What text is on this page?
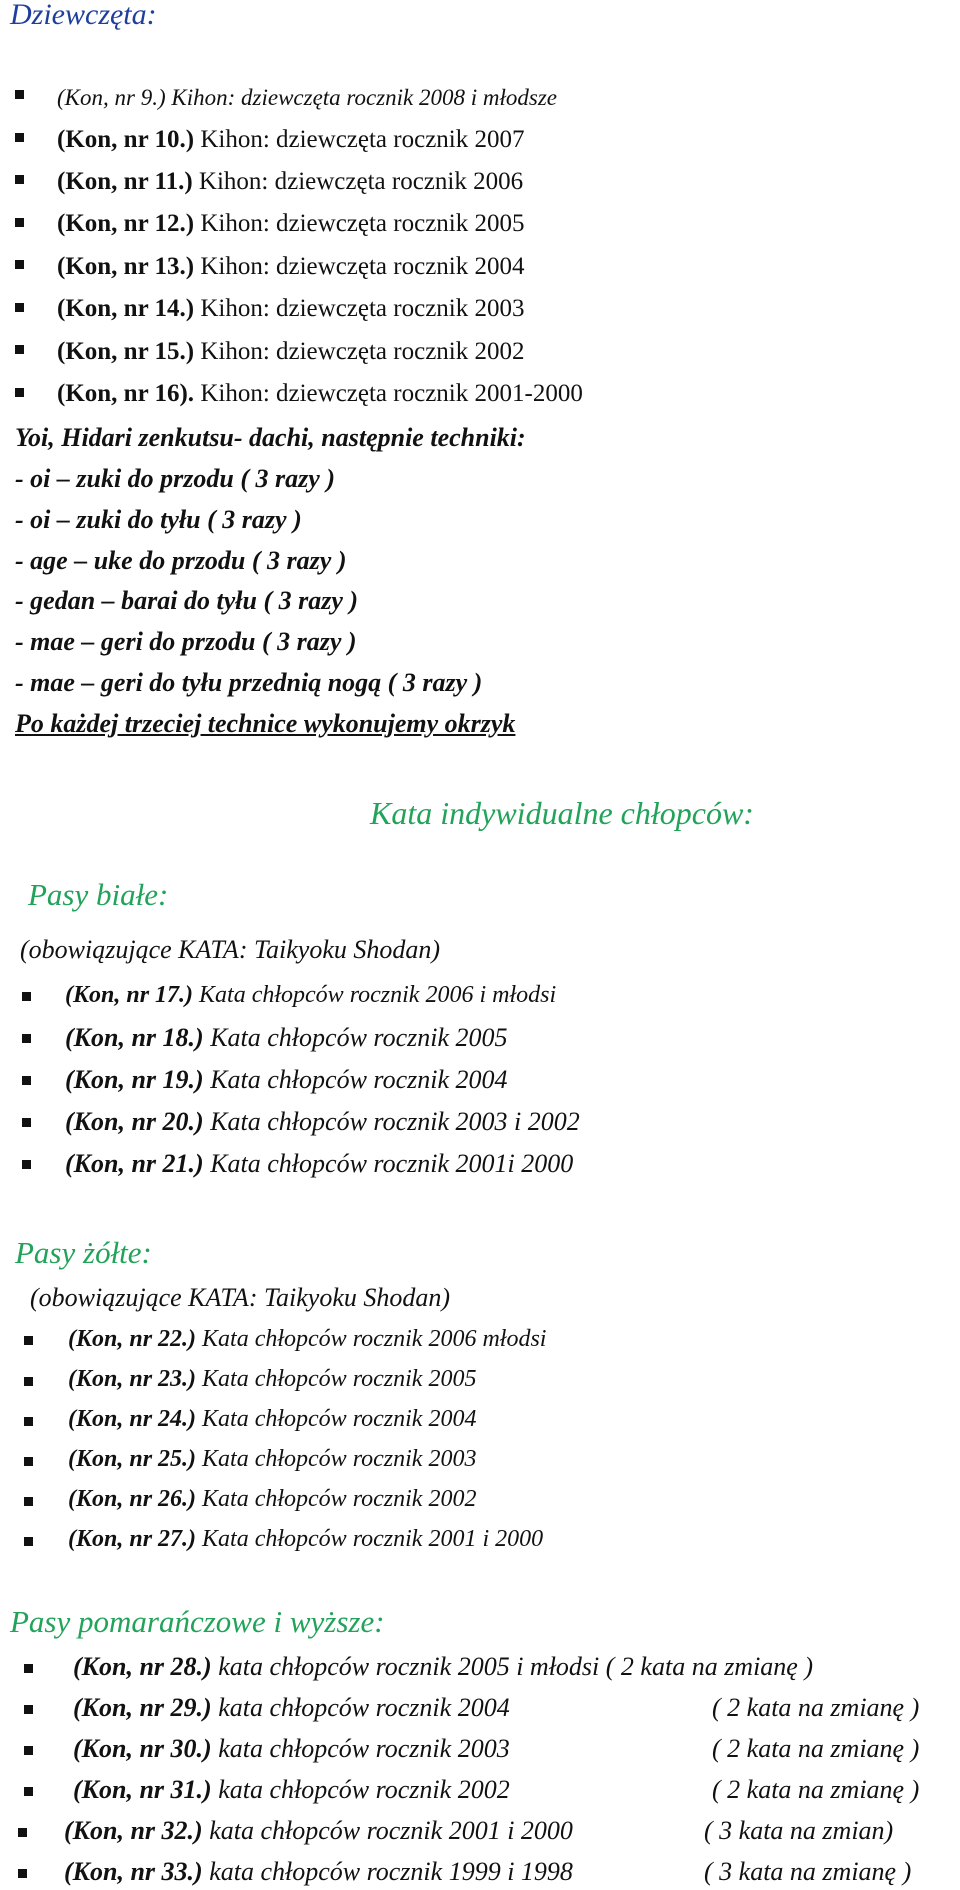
Dziewczęta:
(Kon, nr 9.) Kihon: dziewczęta rocznik 2008 i młodsze
(Kon, nr 10.) Kihon: dziewczęta rocznik 2007
(Kon, nr 11.) Kihon: dziewczęta rocznik 2006
(Kon, nr 12.) Kihon: dziewczęta rocznik 2005
(Kon, nr 13.) Kihon: dziewczęta rocznik 2004
(Kon, nr 14.) Kihon: dziewczęta rocznik 2003
(Kon, nr 15.) Kihon: dziewczęta rocznik 2002
(Kon, nr 16). Kihon: dziewczęta rocznik 2001-2000
Yoi, Hidari zenkutsu- dachi, następnie techniki:
- oi – zuki do przodu ( 3 razy )
- oi – zuki do tyłu ( 3 razy )
- age – uke do przodu ( 3 razy )
- gedan – barai do tyłu ( 3 razy )
- mae – geri do przodu ( 3 razy )
- mae – geri do tyłu przednią nogą ( 3 razy )
Po każdej trzeciej technice wykonujemy okrzyk
Kata indywidualne chłopców:
Pasy białe:
(obowiązujące KATA: Taikyoku Shodan)
(Kon, nr 17.) Kata chłopców rocznik 2006 i młodsi
(Kon, nr 18.) Kata chłopców rocznik 2005
(Kon, nr 19.) Kata chłopców rocznik 2004
(Kon, nr 20.) Kata chłopców rocznik 2003 i 2002
(Kon, nr 21.) Kata chłopców rocznik 2001i 2000
Pasy żółte:
(obowiązujące KATA: Taikyoku Shodan)
(Kon, nr 22.) Kata chłopców rocznik 2006 młodsi
(Kon, nr 23.) Kata chłopców rocznik 2005
(Kon, nr 24.) Kata chłopców rocznik 2004
(Kon, nr 25.) Kata chłopców rocznik 2003
(Kon, nr 26.) Kata chłopców rocznik 2002
(Kon, nr 27.) Kata chłopców rocznik 2001 i 2000
Pasy pomarańczowe i wyższe:
(Kon, nr 28.) kata chłopców rocznik 2005 i młodsi ( 2 kata na zmianę )
(Kon, nr 29.) kata chłopców rocznik 2004	( 2 kata na zmianę )
(Kon, nr 30.) kata chłopców rocznik 2003	( 2 kata na zmianę )
(Kon, nr 31.) kata chłopców rocznik 2002	( 2 kata na zmianę )
(Kon, nr 32.) kata chłopców rocznik 2001 i 2000	( 3 kata na zmian)
(Kon, nr 33.) kata chłopców rocznik 1999 i 1998	( 3 kata na zmianę )
